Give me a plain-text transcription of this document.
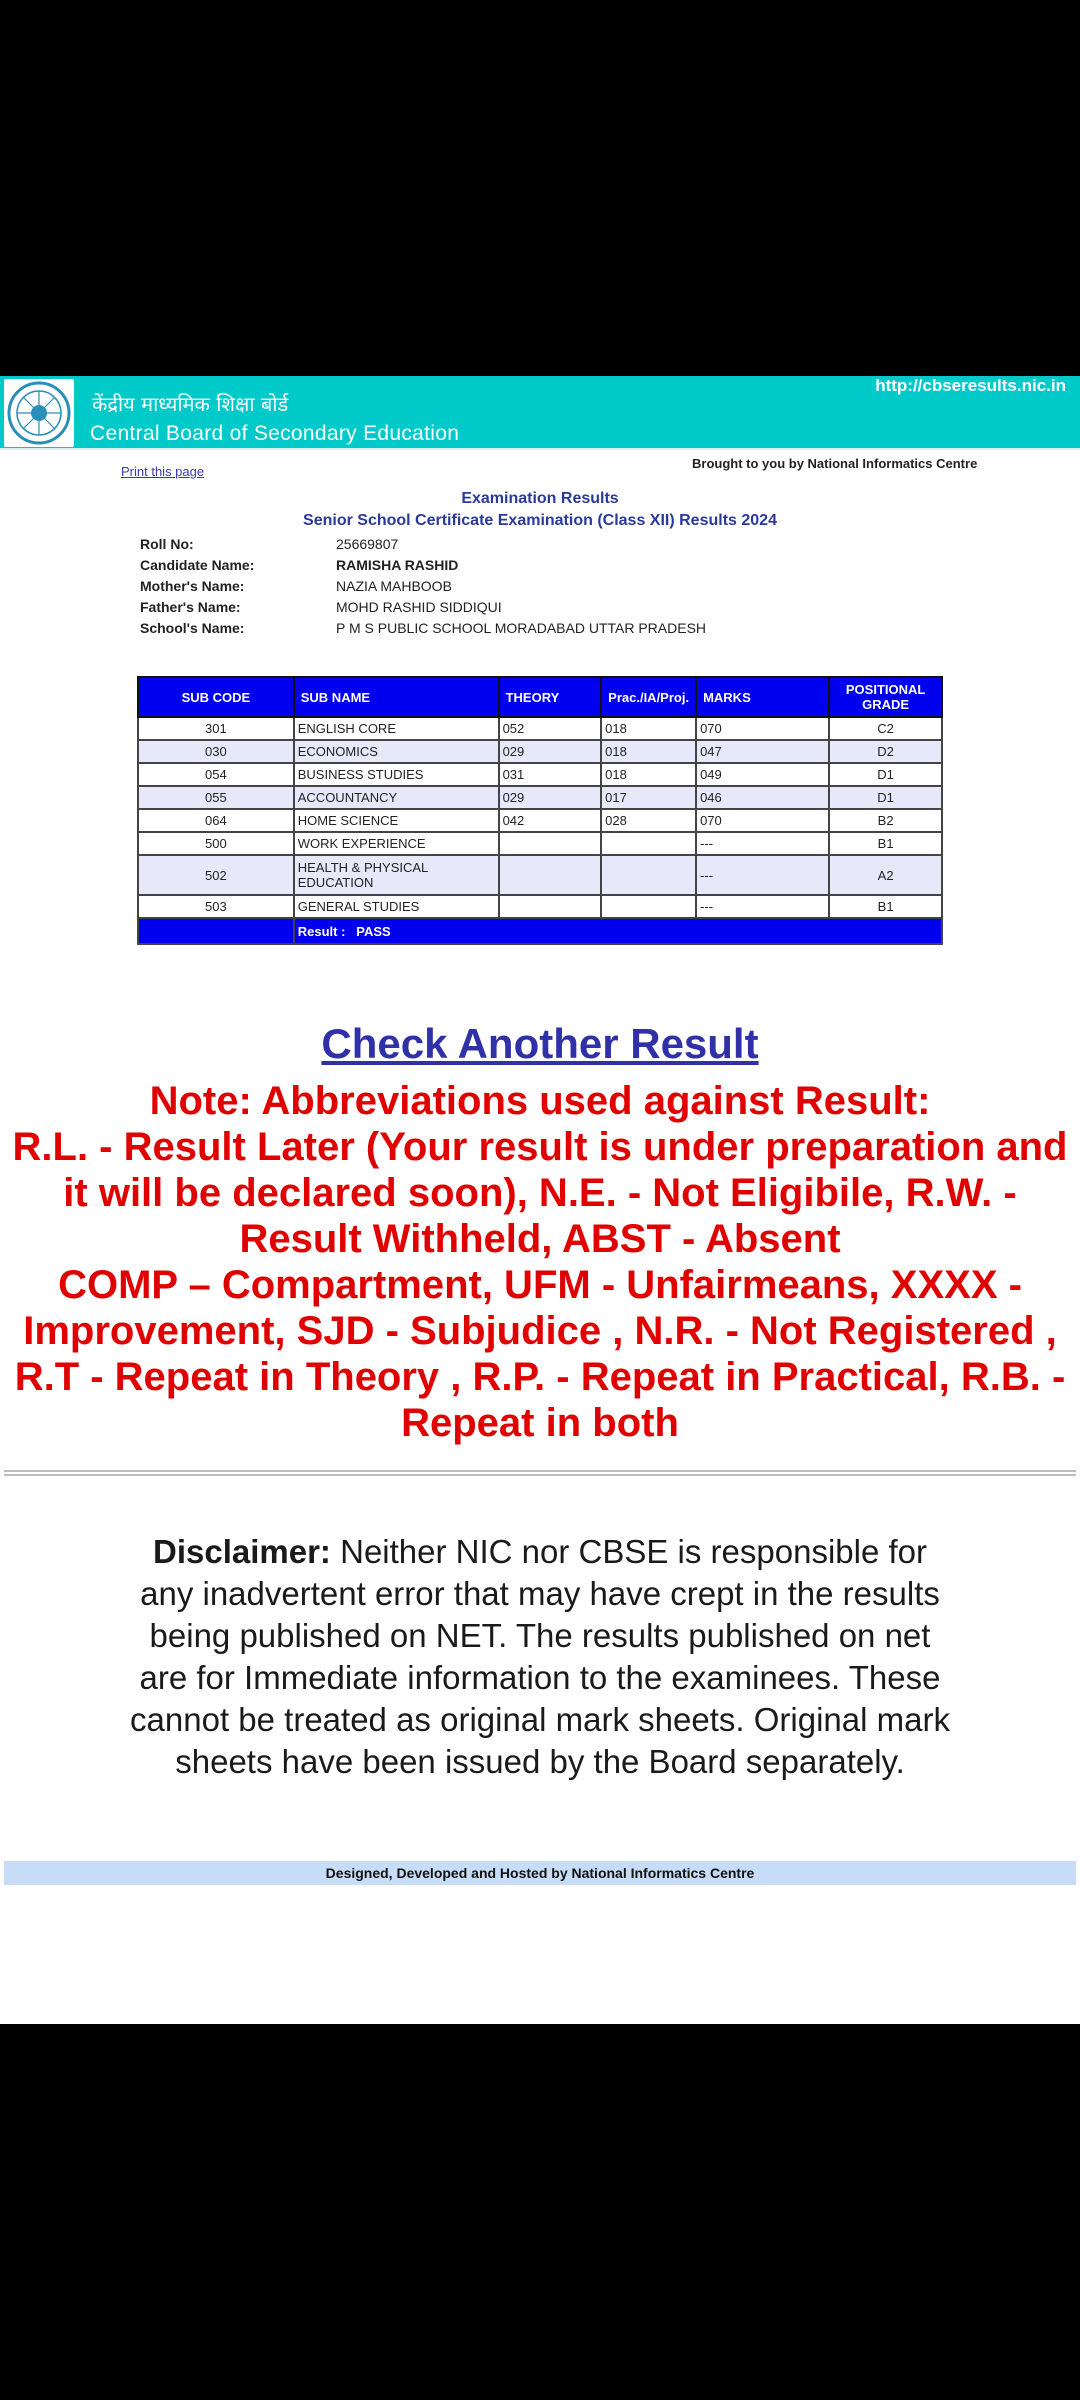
केंद्रीय माध्यमिक शिक्षा बोर्ड
Central Board of Secondary Education
http://cbseresults.nic.in
Print this page
Brought to you by National Informatics Centre
Examination Results
Senior School Certificate Examination (Class XII) Results 2024
Roll No:	25669807
Candidate Name:	RAMISHA RASHID
Mother's Name:	NAZIA MAHBOOB
Father's Name:	MOHD RASHID SIDDIQUI
School's Name:	P M S PUBLIC SCHOOL MORADABAD UTTAR PRADESH
SUB CODE	SUB NAME	THEORY	Prac./IA/Proj.	MARKS	POSITIONAL GRADE
301	ENGLISH CORE	052	018	070	C2
030	ECONOMICS	029	018	047	D2
054	BUSINESS STUDIES	031	018	049	D1
055	ACCOUNTANCY	029	017	046	D1
064	HOME SCIENCE	042	028	070	B2
500	WORK EXPERIENCE			---	B1
502	HEALTH & PHYSICAL EDUCATION			---	A2
503	GENERAL STUDIES			---	B1
	Result : PASS				
Check Another Result
Note: Abbreviations used against Result:
R.L. - Result Later (Your result is under preparation and it will be declared soon), N.E. - Not Eligibile, R.W. - Result Withheld, ABST - Absent
COMP – Compartment, UFM - Unfairmeans, XXXX - Improvement, SJD - Subjudice , N.R. - Not Registered , R.T - Repeat in Theory , R.P. - Repeat in Practical, R.B. - Repeat in both
Disclaimer: Neither NIC nor CBSE is responsible for any inadvertent error that may have crept in the results being published on NET. The results published on net are for Immediate information to the examinees. These cannot be treated as original mark sheets. Original mark sheets have been issued by the Board separately.
Designed, Developed and Hosted by National Informatics Centre
